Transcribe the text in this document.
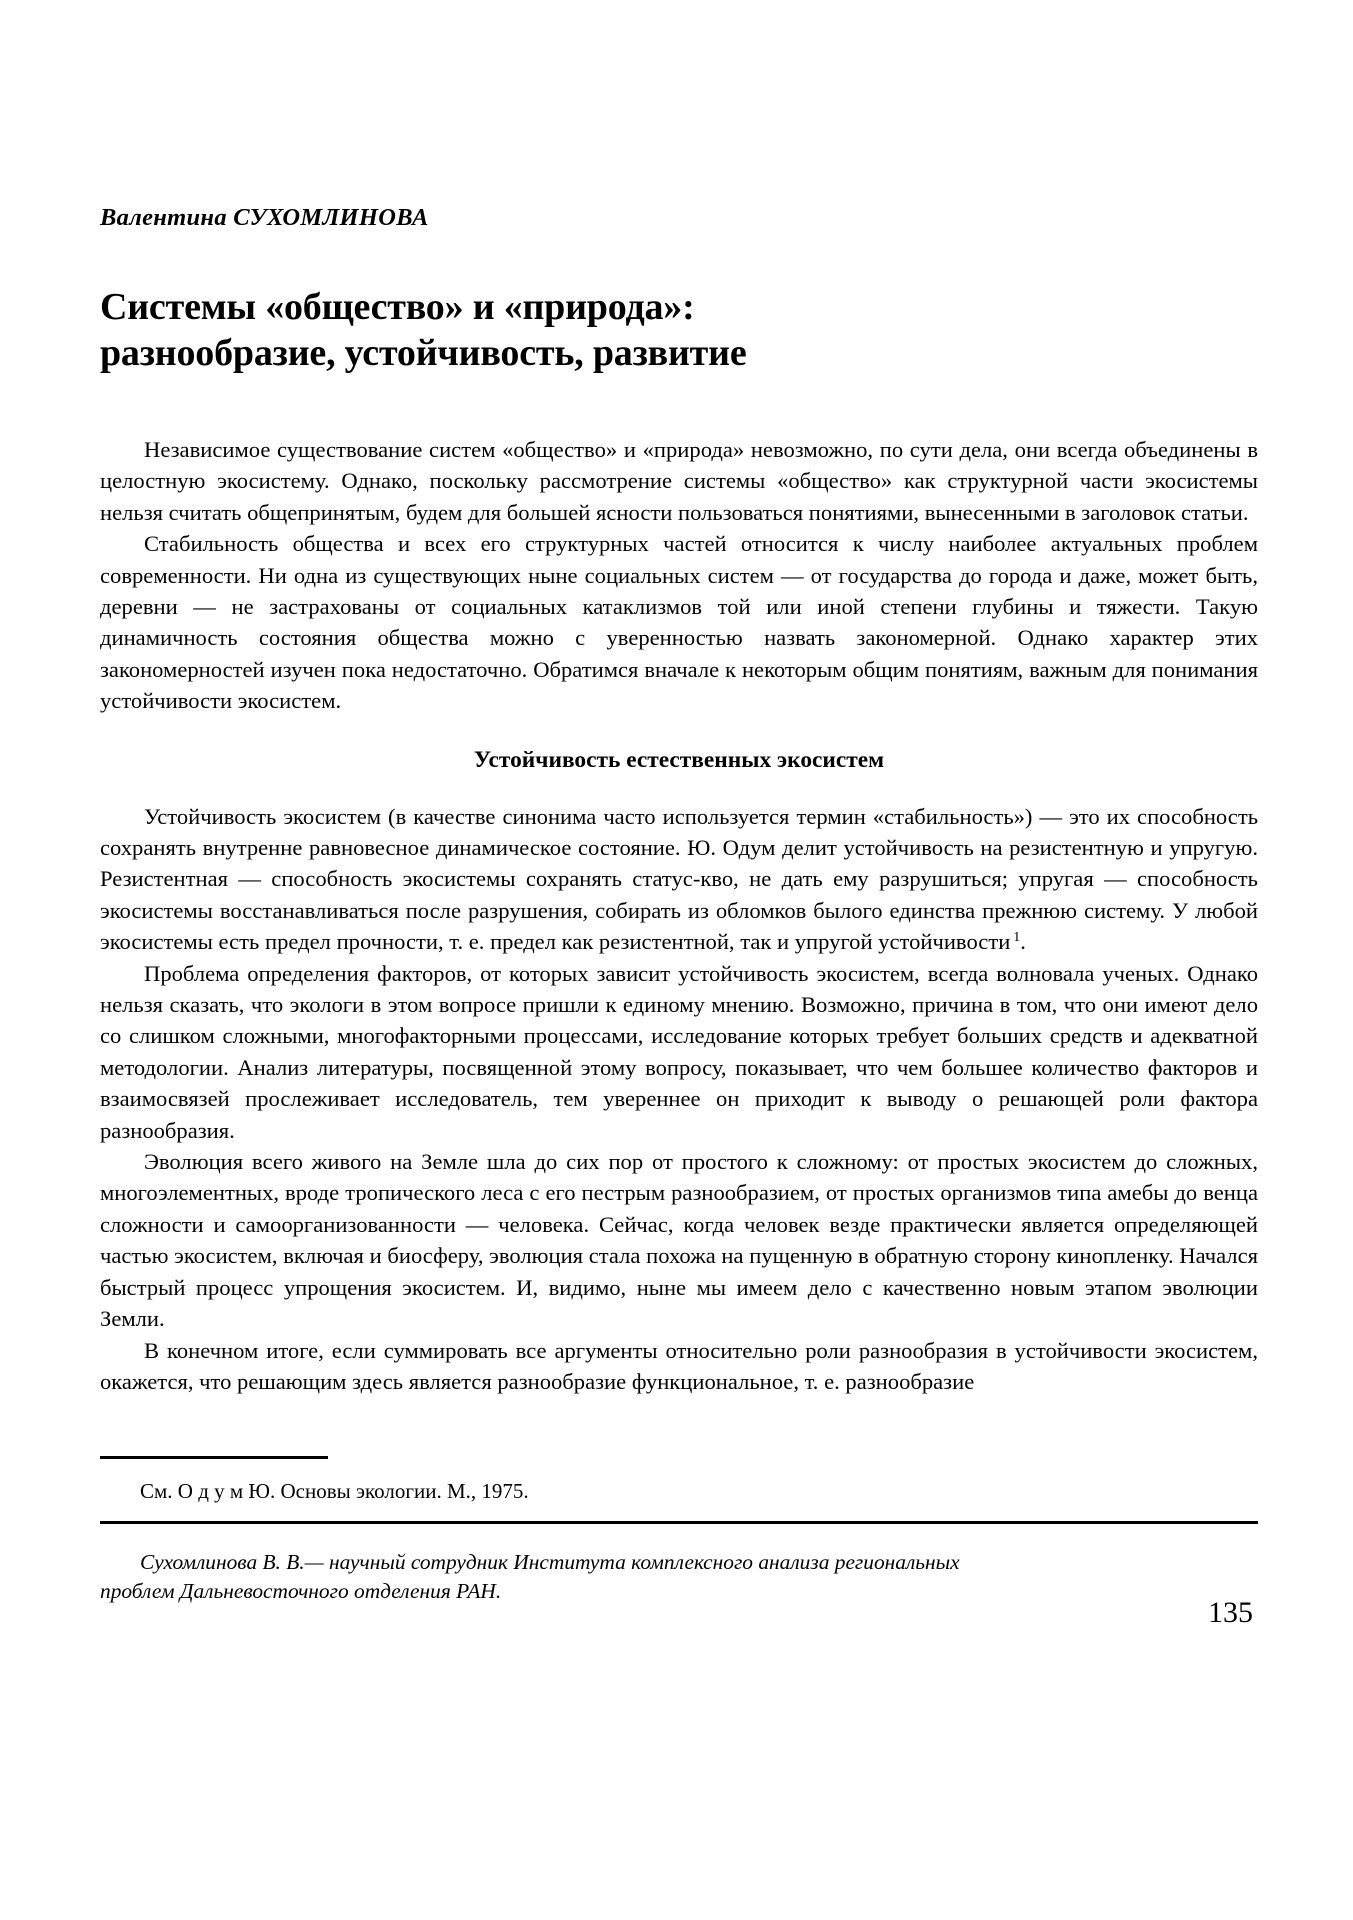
Валентина СУХОМЛИНОВА
Системы «общество» и «природа»:
разнообразие, устойчивость, развитие

Независимое существование систем «общество» и «природа» невозможно, по сути дела, они всегда объединены в целостную экосистему. Однако, поскольку рассмотрение системы «общество» как структурной части экосистемы нельзя считать общепринятым, будем для большей ясности пользоваться понятиями, вынесенными в заголовок статьи.

Стабильность общества и всех его структурных частей относится к числу наиболее актуальных проблем современности. Ни одна из существующих ныне социальных систем — от государства до города и даже, может быть, деревни — не застрахованы от социальных катаклизмов той или иной степени глубины и тяжести. Такую динамичность состояния общества можно с уверенностью назвать закономерной. Однако характер этих закономерностей изучен пока недостаточно. Обратимся вначале к некоторым общим понятиям, важным для понимания устойчивости экосистем.

Устойчивость естественных экосистем

Устойчивость экосистем (в качестве синонима часто используется термин «стабильность») — это их способность сохранять внутренне равновесное динамическое состояние. Ю. Одум делит устойчивость на резистентную и упругую. Резистентная — способность экосистемы сохранять статус-кво, не дать ему разрушиться; упругая — способность экосистемы восстанавливаться после разрушения, собирать из обломков былого единства прежнюю систему. У любой экосистемы есть предел прочности, т. е. предел как резистентной, так и упругой устойчивости $^1$.

Проблема определения факторов, от которых зависит устойчивость экосистем, всегда волновала ученых. Однако нельзя сказать, что экологи в этом вопросе пришли к единому мнению. Возможно, причина в том, что они имеют дело со слишком сложными, многофакторными процессами, исследование которых требует больших средств и адекватной методологии. Анализ литературы, посвященной этому вопросу, показывает, что чем большее количество факторов и взаимосвязей прослеживает исследователь, тем увереннее он приходит к выводу о решающей роли фактора разнообразия.

Эволюция всего живого на Земле шла до сих пор от простого к сложному: от простых экосистем до сложных, многоэлементных, вроде тропического леса с его пестрым разнообразием, от простых организмов типа амебы до венца сложности и самоорганизованности — человека. Сейчас, когда человек везде практически является определяющей частью экосистем, включая и биосферу, эволюция стала похожа на пущенную в обратную сторону кинопленку. Начался быстрый процесс упрощения экосистем. И, видимо, ныне мы имеем дело с качественно новым этапом эволюции Земли.

В конечном итоге, если суммировать все аргументы относительно роли разнообразия в устойчивости экосистем, окажется, что решающим здесь является разнообразие функциональное, т. е. разнообразие

См. О д у м Ю. Основы экологии. М., 1975.

Сухомлинова В. В.— научный сотрудник Института комплексного анализа региональных
проблем Дальневосточного отделения РАН.

135
